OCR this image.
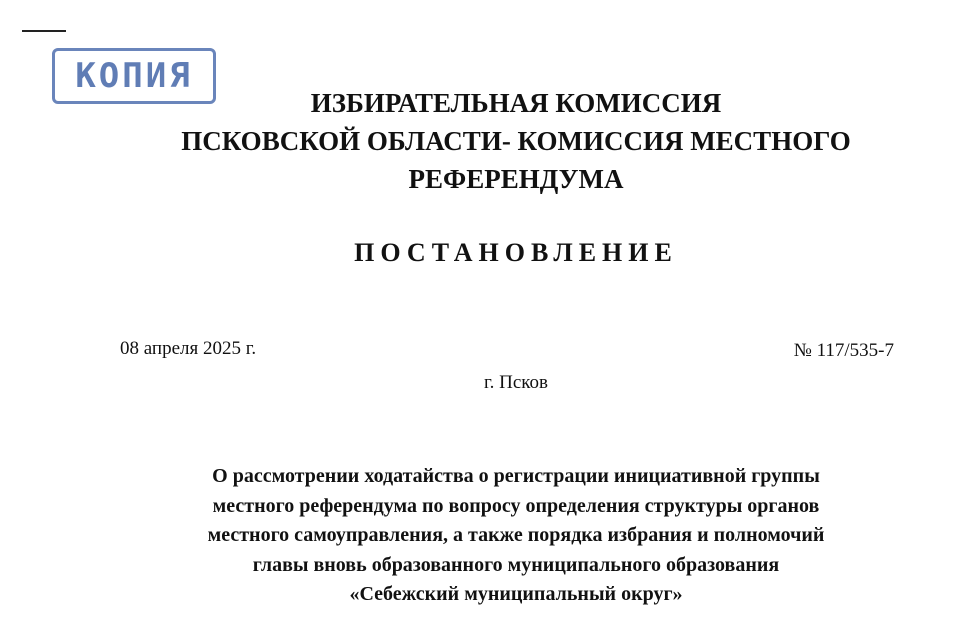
КОПИЯ
ИЗБИРАТЕЛЬНАЯ КОМИССИЯ
ПСКОВСКОЙ ОБЛАСТИ- КОМИССИЯ МЕСТНОГО
РЕФЕРЕНДУМА
ПОСТАНОВЛЕНИЕ
08 апреля 2025 г.	№ 117/535-7
г. Псков
О рассмотрении ходатайства о регистрации инициативной группы
местного референдума по вопросу определения структуры органов
местного самоуправления, а также порядка избрания и полномочий
главы вновь образованного муниципального образования
«Себежский муниципальный округ»
